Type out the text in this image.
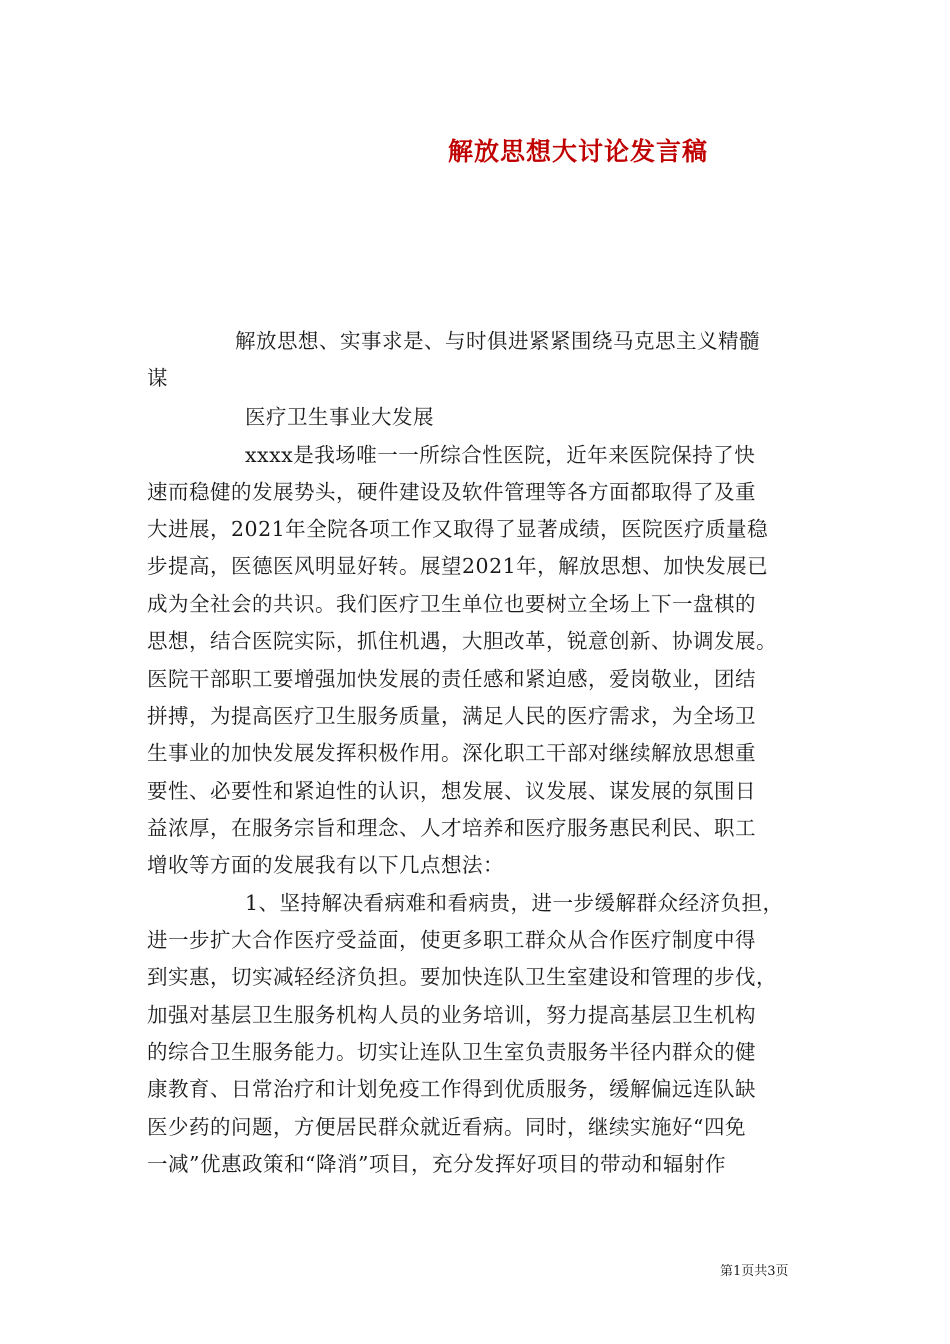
解放思想大讨论发言稿
解放思想、实事求是、与时俱进紧紧围绕马克思主义精髓
谋
医疗卫生事业大发展
xxxx是我场唯一一所综合性医院，近年来医院保持了快
速而稳健的发展势头，硬件建设及软件管理等各方面都取得了及重
大进展，2021年全院各项工作又取得了显著成绩，医院医疗质量稳
步提高，医德医风明显好转。展望2021年，解放思想、加快发展已
成为全社会的共识。我们医疗卫生单位也要树立全场上下一盘棋的
思想，结合医院实际，抓住机遇，大胆改革，锐意创新、协调发展。
医院干部职工要增强加快发展的责任感和紧迫感，爱岗敬业，团结
拼搏，为提高医疗卫生服务质量，满足人民的医疗需求，为全场卫
生事业的加快发展发挥积极作用。深化职工干部对继续解放思想重
要性、必要性和紧迫性的认识，想发展、议发展、谋发展的氛围日
益浓厚，在服务宗旨和理念、人才培养和医疗服务惠民利民、职工
增收等方面的发展我有以下几点想法：
1、坚持解决看病难和看病贵，进一步缓解群众经济负担，
进一步扩大合作医疗受益面，使更多职工群众从合作医疗制度中得
到实惠，切实减轻经济负担。要加快连队卫生室建设和管理的步伐，
加强对基层卫生服务机构人员的业务培训，努力提高基层卫生机构
的综合卫生服务能力。切实让连队卫生室负责服务半径内群众的健
康教育、日常治疗和计划免疫工作得到优质服务，缓解偏远连队缺
医少药的问题，方便居民群众就近看病。同时，继续实施好“四免
一减”优惠政策和“降消”项目，充分发挥好项目的带动和辐射作
第1页共3页
